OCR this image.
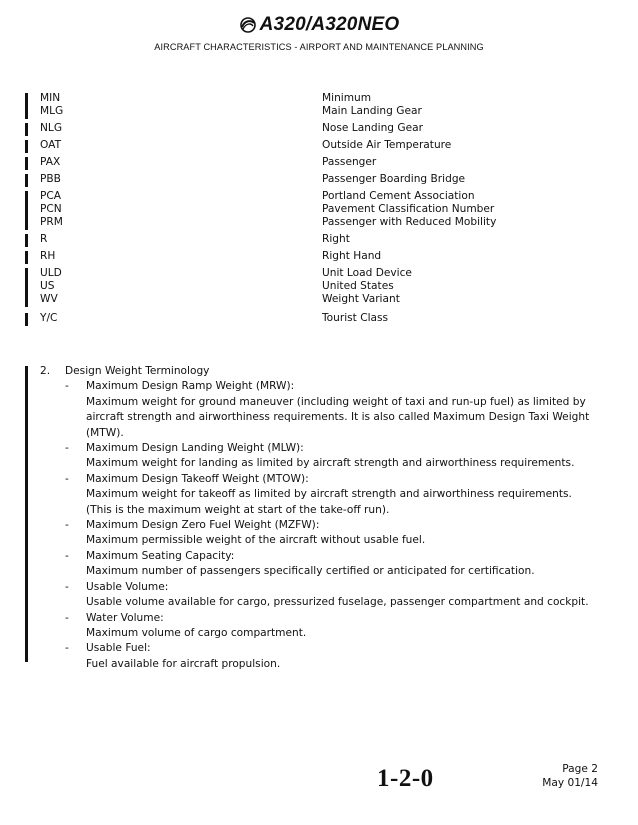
A320/A320NEO
AIRCRAFT CHARACTERISTICS - AIRPORT AND MAINTENANCE PLANNING
MIN	Minimum
MLG	Main Landing Gear
NLG	Nose Landing Gear
OAT	Outside Air Temperature
PAX	Passenger
PBB	Passenger Boarding Bridge
PCA	Portland Cement Association
PCN	Pavement Classification Number
PRM	Passenger with Reduced Mobility
R	Right
RH	Right Hand
ULD	Unit Load Device
US	United States
WV	Weight Variant
Y/C	Tourist Class
2. Design Weight Terminology
- Maximum Design Ramp Weight (MRW):
Maximum weight for ground maneuver (including weight of taxi and run-up fuel) as limited by aircraft strength and airworthiness requirements. It is also called Maximum Design Taxi Weight (MTW).
- Maximum Design Landing Weight (MLW):
Maximum weight for landing as limited by aircraft strength and airworthiness requirements.
- Maximum Design Takeoff Weight (MTOW):
Maximum weight for takeoff as limited by aircraft strength and airworthiness requirements. (This is the maximum weight at start of the take-off run).
- Maximum Design Zero Fuel Weight (MZFW):
Maximum permissible weight of the aircraft without usable fuel.
- Maximum Seating Capacity:
Maximum number of passengers specifically certified or anticipated for certification.
- Usable Volume:
Usable volume available for cargo, pressurized fuselage, passenger compartment and cockpit.
- Water Volume:
Maximum volume of cargo compartment.
- Usable Fuel:
Fuel available for aircraft propulsion.
1-2-0	Page 2
May 01/14
